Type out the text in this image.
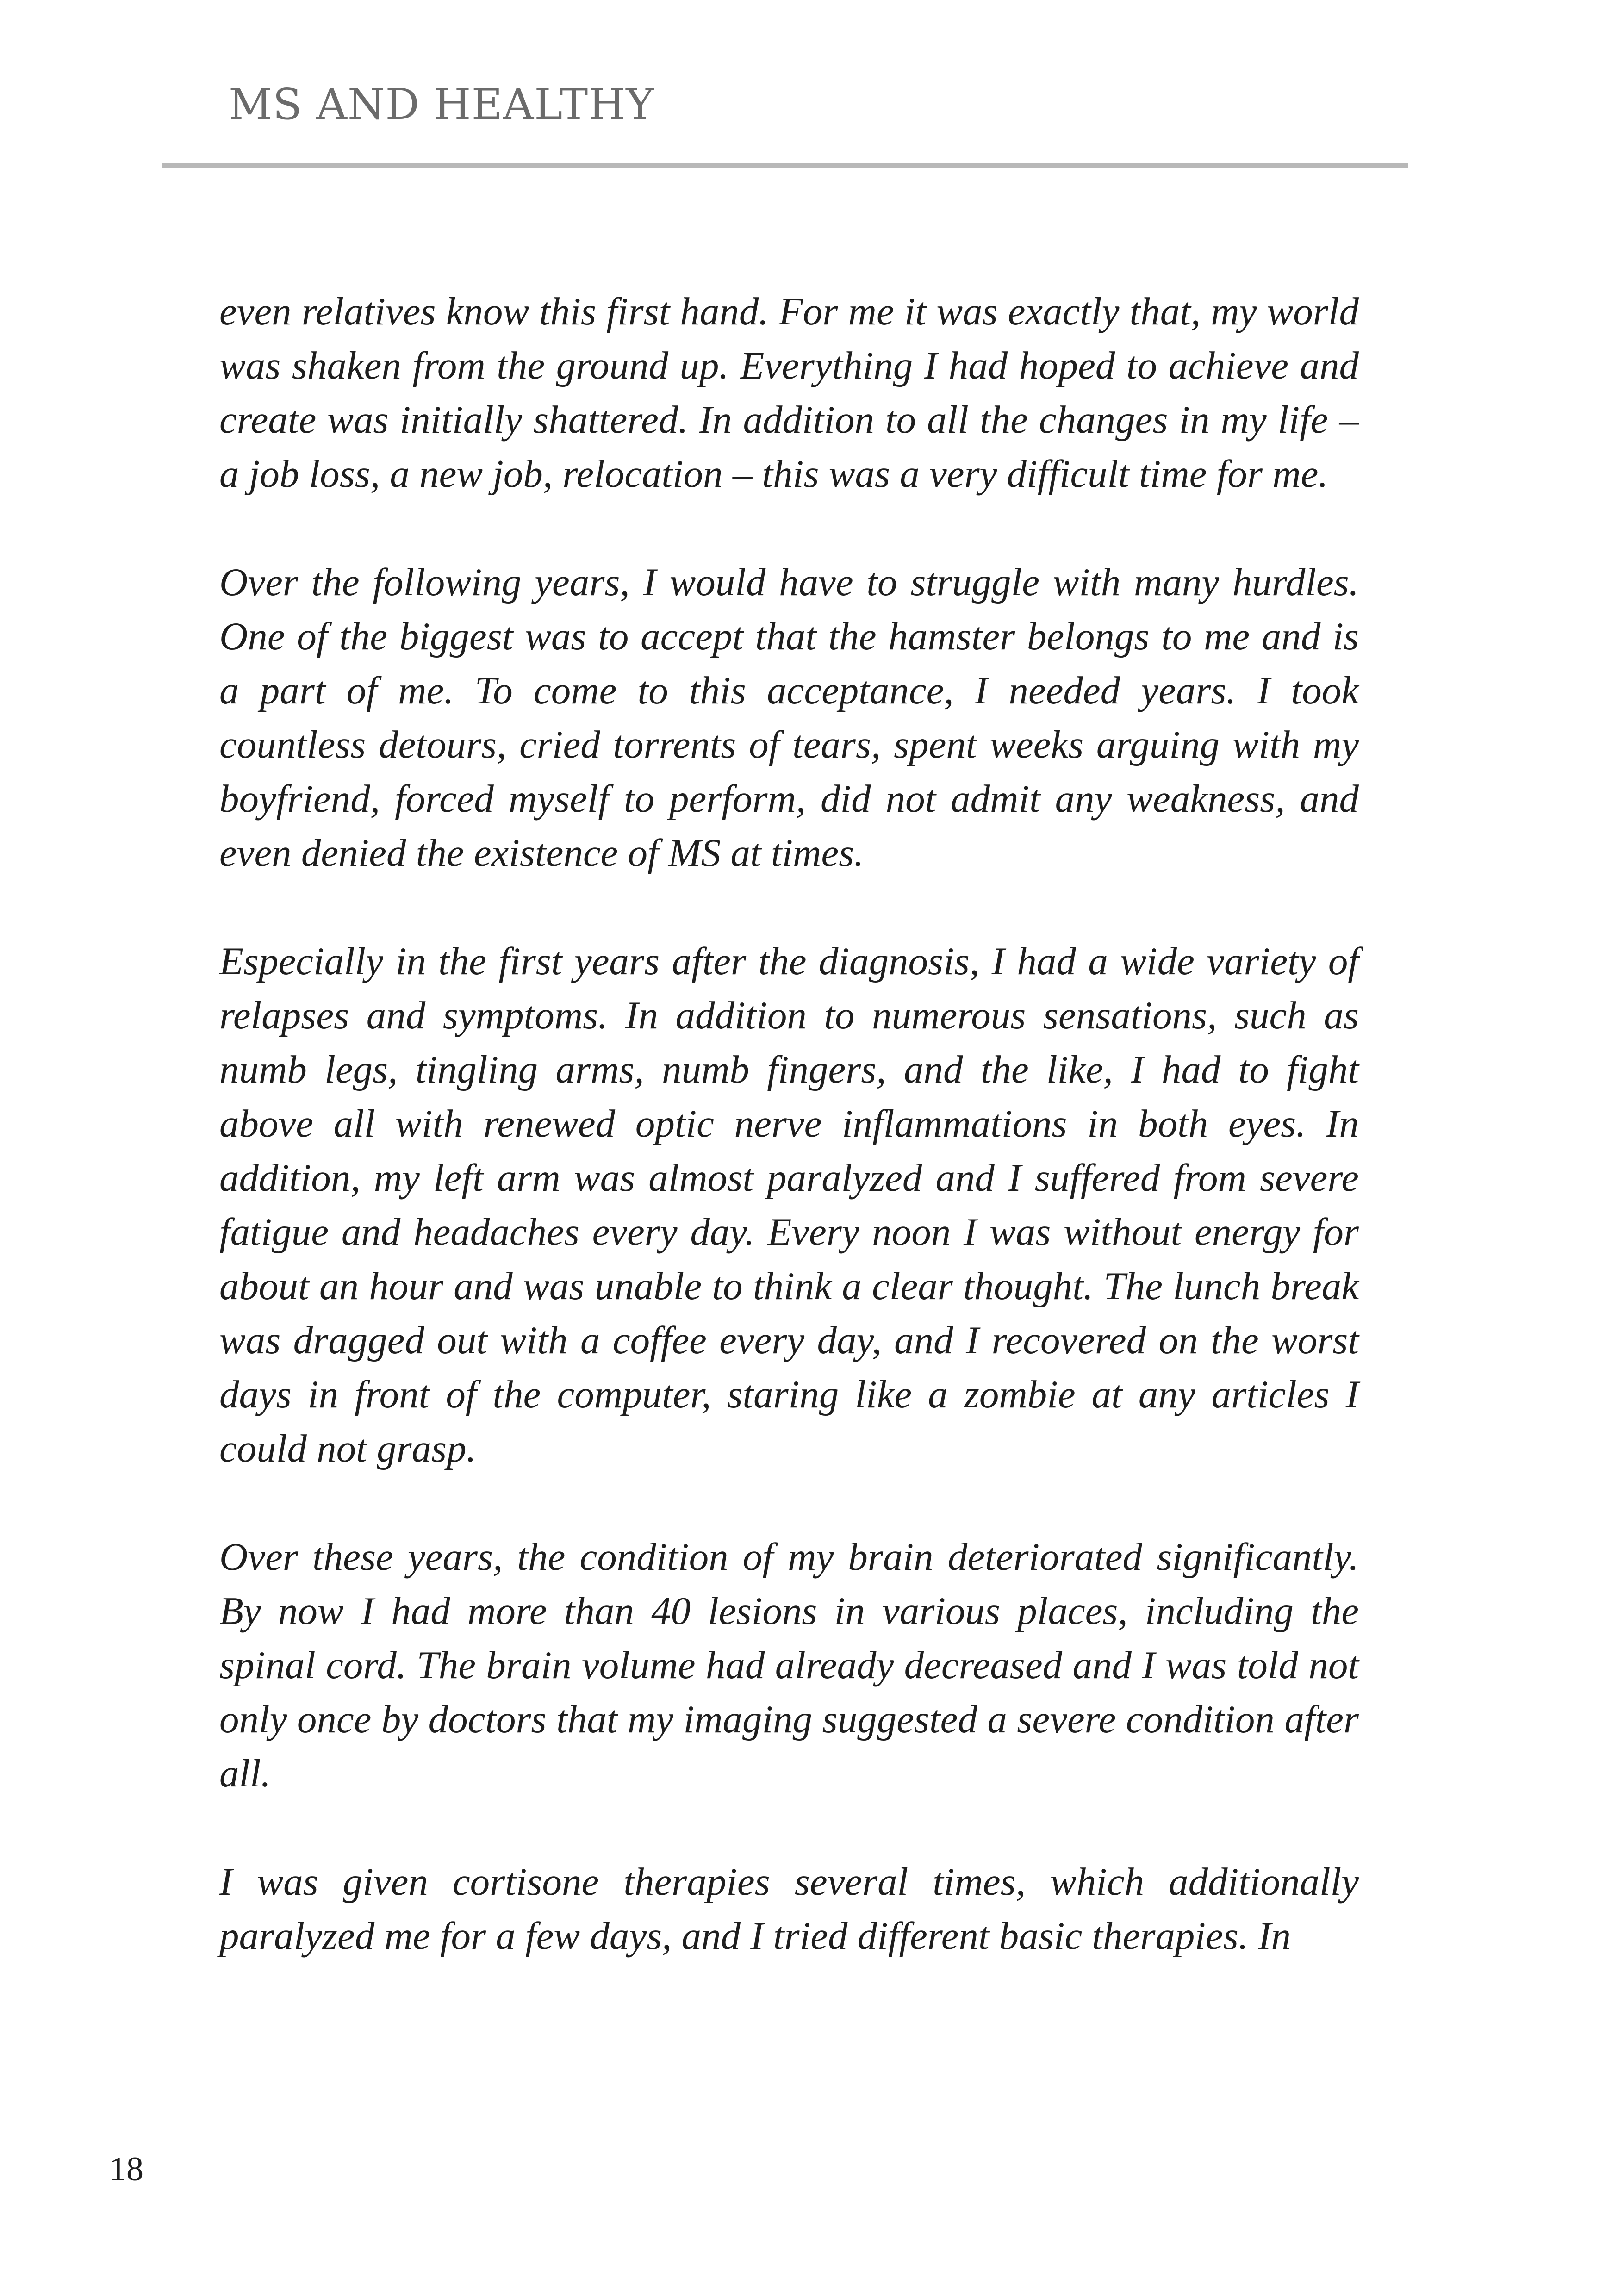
MS AND HEALTHY

even relatives know this first hand. For me it was exactly that, my world was shaken from the ground up. Everything I had hoped to achieve and create was initially shattered. In addition to all the changes in my life – a job loss, a new job, relocation – this was a very difficult time for me.

Over the following years, I would have to struggle with many hurdles. One of the biggest was to accept that the hamster belongs to me and is a part of me. To come to this acceptance, I needed years. I took countless detours, cried torrents of tears, spent weeks arguing with my boyfriend, forced myself to perform, did not admit any weakness, and even denied the existence of MS at times.

Especially in the first years after the diagnosis, I had a wide variety of relapses and symptoms. In addition to numerous sensations, such as numb legs, tingling arms, numb fingers, and the like, I had to fight above all with renewed optic nerve inflammations in both eyes. In addition, my left arm was almost paralyzed and I suffered from severe fatigue and headaches every day. Every noon I was without energy for about an hour and was unable to think a clear thought. The lunch break was dragged out with a coffee every day, and I recovered on the worst days in front of the computer, staring like a zombie at any articles I could not grasp.

Over these years, the condition of my brain deteriorated significantly. By now I had more than 40 lesions in various places, including the spinal cord. The brain volume had already decreased and I was told not only once by doctors that my imaging suggested a severe condition after all.

I was given cortisone therapies several times, which additionally paralyzed me for a few days, and I tried different basic therapies. In

18
